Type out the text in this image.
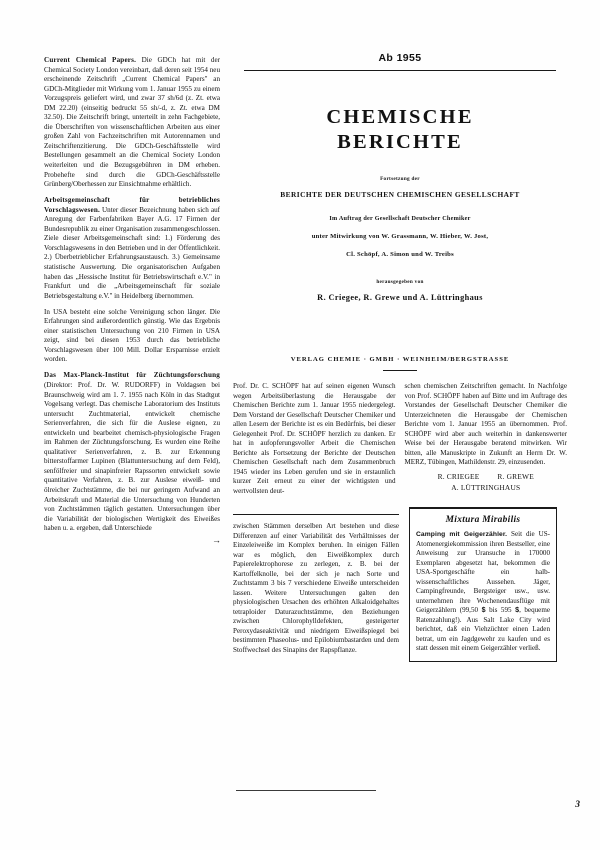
Current Chemical Papers. Die GDCh hat mit der Chemical Society London vereinbart, daß deren seit 1954 neu erscheinende Zeitschrift „Current Chemical Papers" an GDCh-Mitglieder mit Wirkung vom 1. Januar 1955 zu einem Vorzugspreis geliefert wird, und zwar 37 sh/6d (z. Zt. etwa DM 22.20) (einseitig bedruckt 55 sh/-d, z. Zt. etwa DM 32.50). Die Zeitschrift bringt, unterteilt in zehn Fachgebiete, die Überschriften von wissenschaftlichen Arbeiten aus einer großen Zahl von Fachzeitschriften mit Autorennamen und Zeitschriftenzitierung. Die GDCh-Geschäftsstelle wird Bestellungen gesammelt an die Chemical Society London weiterleiten und die Bezugsgebühren in DM erheben. Probehefte sind durch die GDCh-Geschäftsstelle Grünberg/Oberhessen zur Einsichtnahme erhältlich.

Arbeitsgemeinschaft für betriebliches Vorschlagswesen. Unter dieser Bezeichnung haben sich auf Anregung der Farbenfabriken Bayer A.G. 17 Firmen der Bundesrepublik zu einer Organisation zusammengeschlossen. Ziele dieser Arbeitsgemeinschaft sind: 1.) Förderung des Vorschlagswesens in den Betrieben und in der Öffentlichkeit. 2.) Überbetrieblicher Erfahrungsaustausch. 3.) Gemeinsame statistische Auswertung. Die organisatorischen Aufgaben haben das „Hessische Institut für Betriebswirtschaft e.V." in Frankfurt und die „Arbeitsgemeinschaft für soziale Betriebsgestaltung e.V." in Heidelberg übernommen.

In USA besteht eine solche Vereinigung schon länger. Die Erfahrungen sind außerordentlich günstig. Wie das Ergebnis einer statistischen Untersuchung von 210 Firmen in USA zeigt, sind bei diesen 1953 durch das betriebliche Vorschlagswesen über 100 Mill. Dollar Ersparnisse erzielt worden.

Das Max-Planck-Institut für Züchtungsforschung (Direktor: Prof. Dr. W. RUDORFF) in Voldagsen bei Braunschweig wird am 1. 7. 1955 nach Köln in das Stadtgut Vogelsang verlegt. Das chemische Laboratorium des Instituts untersucht Zuchtmaterial, entwickelt chemische Serienverfahren, die sich für die Auslese eignen, zu entwickeln und bearbeitet chemisch-physiologische Fragen im Rahmen der Züchtungsforschung. Es wurden eine Reihe qualitativer Serienverfahren, z. B. zur Erkennung bitterstoffarmer Lupinen (Blattuntersuchung auf dem Feld), senfölfreier und sinapinfreier Rapssorten entwickelt sowie quantitative Verfahren, z. B. zur Auslese eiweiß- und ölreicher Zuchtstämme, die bei nur geringem Aufwand an Arbeitskraft und Material die Untersuchung von Hunderten von Zuchtstämmen täglich gestatten. Untersuchungen über die Variabilität der biologischen Wertigkeit des Eiweißes haben u. a. ergeben, daß Unterschiede

→
Ab 1955
CHEMISCHE
BERICHTE
Fortsetzung der
BERICHTE DER DEUTSCHEN CHEMISCHEN GESELLSCHAFT
Im Auftrag der Gesellschaft Deutscher Chemiker
unter Mitwirkung von W. Grassmann, W. Hieber, W. Jost,
Cl. Schöpf, A. Simon und W. Treibs
herausgegeben von
R. Criegee, R. Grewe und A. Lüttringhaus
VERLAG CHEMIE · GMBH · WEINHEIM/BERGSTRASSE

Prof. Dr. C. SCHÖPF hat auf seinen eigenen Wunsch wegen Arbeitsüberlastung die Herausgabe der Chemischen Berichte zum 1. Januar 1955 niedergelegt. Dem Vorstand der Gesellschaft Deutscher Chemiker und allen Lesern der Berichte ist es ein Bedürfnis, bei dieser Gelegenheit Prof. Dr. SCHÖPF herzlich zu danken. Er hat in aufopferungsvoller Arbeit die Chemischen Berichte als Fortsetzung der Berichte der Deutschen Chemischen Gesellschaft nach dem Zusammenbruch 1945 wieder ins Leben gerufen und sie in erstaunlich kurzer Zeit erneut zu einer der wichtigsten und wertvollsten deut-

schen chemischen Zeitschriften gemacht. In Nachfolge von Prof. SCHÖPF haben auf Bitte und im Auftrage des Vorstandes der Gesellschaft Deutscher Chemiker die Unterzeichneten die Herausgabe der Chemischen Berichte vom 1. Januar 1955 an übernommen. Prof. SCHÖPF wird aber auch weiterhin in dankenswerter Weise bei der Herausgabe beratend mitwirken. Wir bitten, alle Manuskripte in Zukunft an Herrn Dr. W. MERZ, Tübingen, Mathildenstr. 29, einzusenden.

R. CRIEGEE R. GREWE
A. LÜTTRINGHAUS

zwischen Stämmen derselben Art bestehen und diese Differenzen auf einer Variabilität des Verhältnisses der Einzeleiweiße im Komplex beruhen. In einigen Fällen war es möglich, den Eiweißkomplex durch Papierelektrophorese zu zerlegen, z. B. bei der Kartoffelknolle, bei der sich je nach Sorte und Zuchtstamm 3 bis 7 verschiedene Eiweiße unterscheiden lassen. Weitere Untersuchungen galten den physiologischen Ursachen des erhöhten Alkaloidgehaltes tetraploider Daturazuchtstämme, den Beziehungen zwischen Chlorophylldefekten, gesteigerter Peroxydaseaktivität und niedrigem Eiweißspiegel bei bestimmten Phaseolus- und Epilobiumbastarden und dem Stoffwechsel des Sinapins der Rapspflanze.

Mixtura Mirabilis

Camping mit Geigerzähler. Seit die US-Atomenergiekommission ihren Bestseller, eine Anweisung zur Uransuche in 170000 Exemplaren abgesetzt hat, bekommen die USA-Sportgeschäfte ein halb-wissenschaftliches Aussehen. Jäger, Campingfreunde, Bergsteiger usw., usw. unternehmen ihre Wochenendausflüge mit Geigerzählern (99,50 $ bis 595 $, bequeme Ratenzahlung!). Aus Salt Lake City wird berichtet, daß ein Viehzüchter einen Laden betrat, um ein Jagdgewehr zu kaufen und es statt dessen mit einem Geigerzähler verließ.

3
